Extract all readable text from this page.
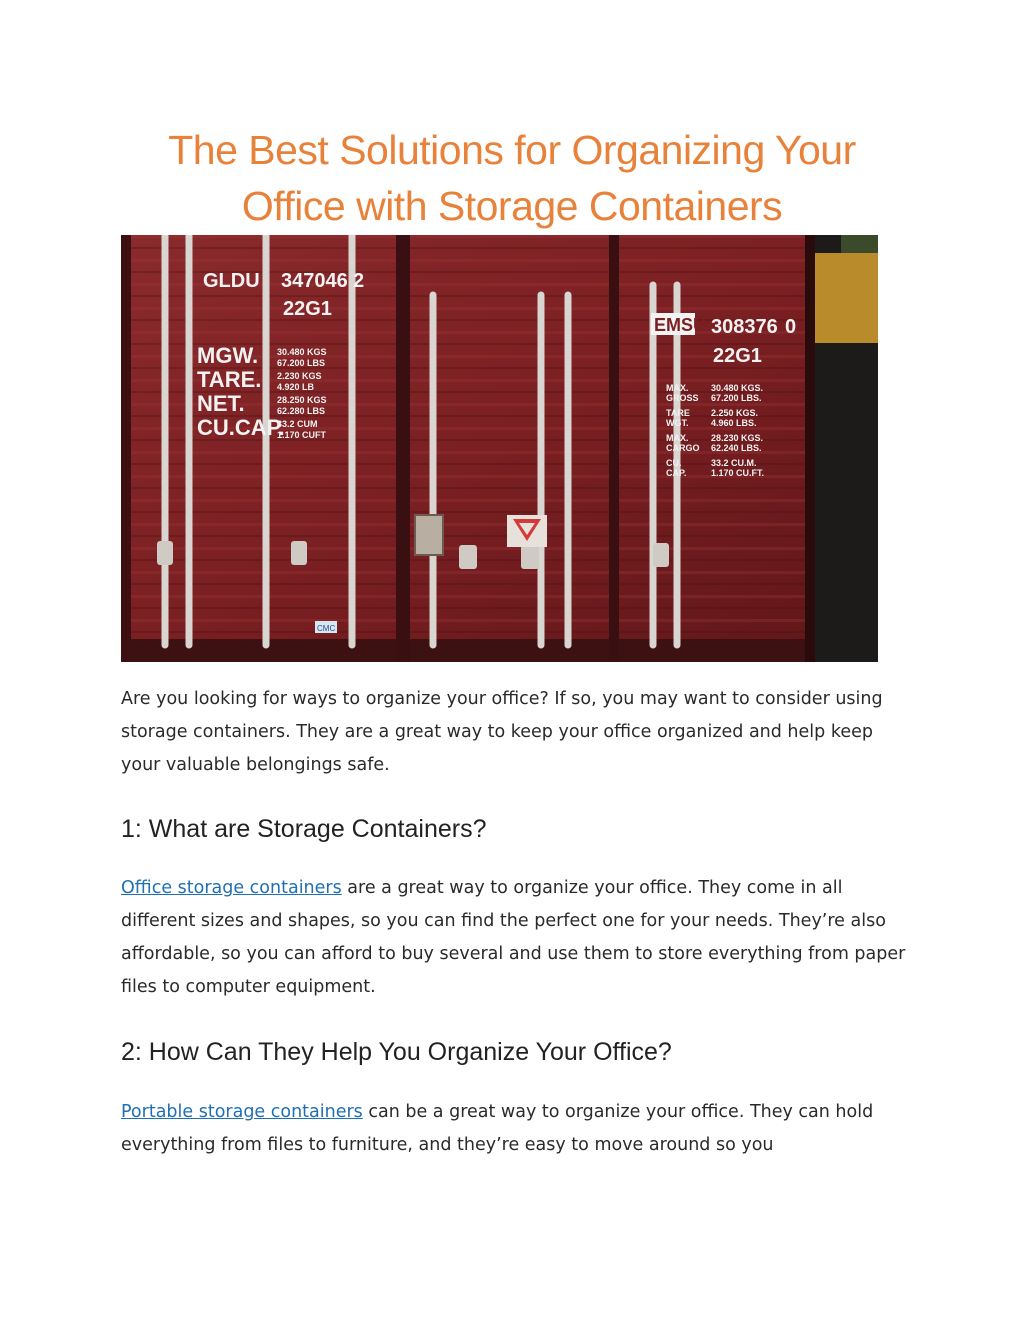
The Best Solutions for Organizing Your
Office with Storage Containers
GLDU 347046 2
22G1
MGW.
TARE.
NET.
CU.CAP.
30.480 KGS
67.200 LBS
2.230 KGS
4.920 LB
28.250 KGS
62.280 LBS
33.2 CUM
1.170 CUFT
EMSU 308376 0
22G1
MAX.
GROSS
TARE
WGT.
MAX.
CARGO
CU.
CAP.
30.480 KGS.
67.200 LBS.
2.250 KGS.
4.960 LBS.
28.230 KGS.
62.240 LBS.
33.2 CU.M.
1.170 CU.FT.
CMC

Are you looking for ways to organize your office? If so, you may want to consider using storage containers. They are a great way to keep your office organized and help keep your valuable belongings safe.

1: What are Storage Containers?

Office storage containers are a great way to organize your office. They come in all different sizes and shapes, so you can find the perfect one for your needs. They’re also affordable, so you can afford to buy several and use them to store everything from paper files to computer equipment.

2: How Can They Help You Organize Your Office?

Portable storage containers can be a great way to organize your office. They can hold everything from files to furniture, and they’re easy to move around so you
